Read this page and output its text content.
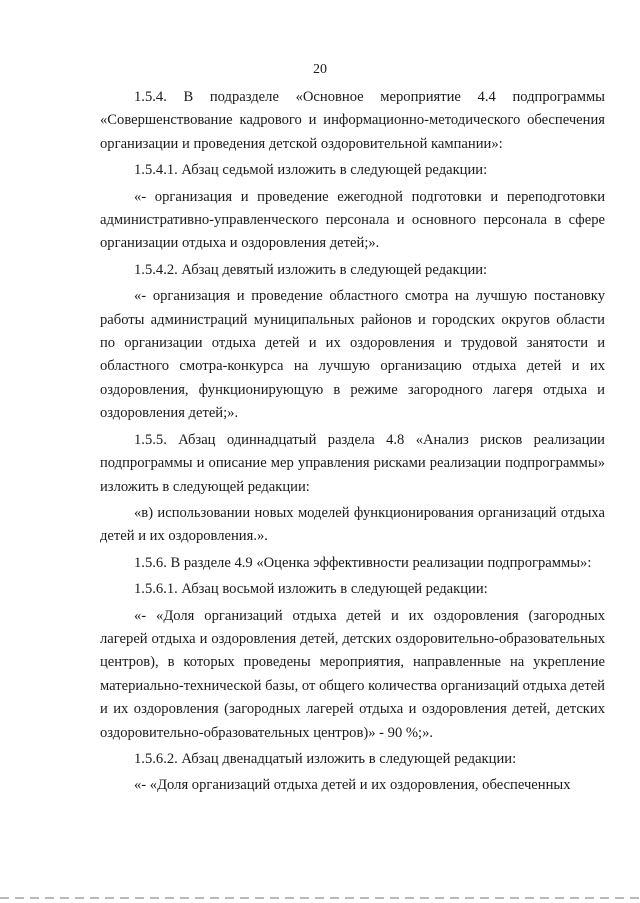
20

1.5.4. В подразделе «Основное мероприятие 4.4 подпрограммы «Совершенствование кадрового и информационно-методического обеспечения организации и проведения детской оздоровительной кампании»:

1.5.4.1. Абзац седьмой изложить в следующей редакции:

«- организация и проведение ежегодной подготовки и переподготовки административно-управленческого персонала и основного персонала в сфере организации отдыха и оздоровления детей;».

1.5.4.2. Абзац девятый изложить в следующей редакции:

«- организация и проведение областного смотра на лучшую постановку работы администраций муниципальных районов и городских округов области по организации отдыха детей и их оздоровления и трудовой занятости и областного смотра-конкурса на лучшую организацию отдыха детей и их оздоровления, функционирующую в режиме загородного лагеря отдыха и оздоровления детей;».

1.5.5. Абзац одиннадцатый раздела 4.8 «Анализ рисков реализации подпрограммы и описание мер управления рисками реализации подпрограммы» изложить в следующей редакции:

«в) использовании новых моделей функционирования организаций отдыха детей и их оздоровления.».

1.5.6. В разделе 4.9 «Оценка эффективности реализации подпрограммы»:

1.5.6.1. Абзац восьмой изложить в следующей редакции:

«- «Доля организаций отдыха детей и их оздоровления (загородных лагерей отдыха и оздоровления детей, детских оздоровительно-образовательных центров), в которых проведены мероприятия, направленные на укрепление материально-технической базы, от общего количества организаций отдыха детей и их оздоровления (загородных лагерей отдыха и оздоровления детей, детских оздоровительно-образовательных центров)» - 90 %;».

1.5.6.2. Абзац двенадцатый изложить в следующей редакции:

«- «Доля организаций отдыха детей и их оздоровления, обеспеченных
